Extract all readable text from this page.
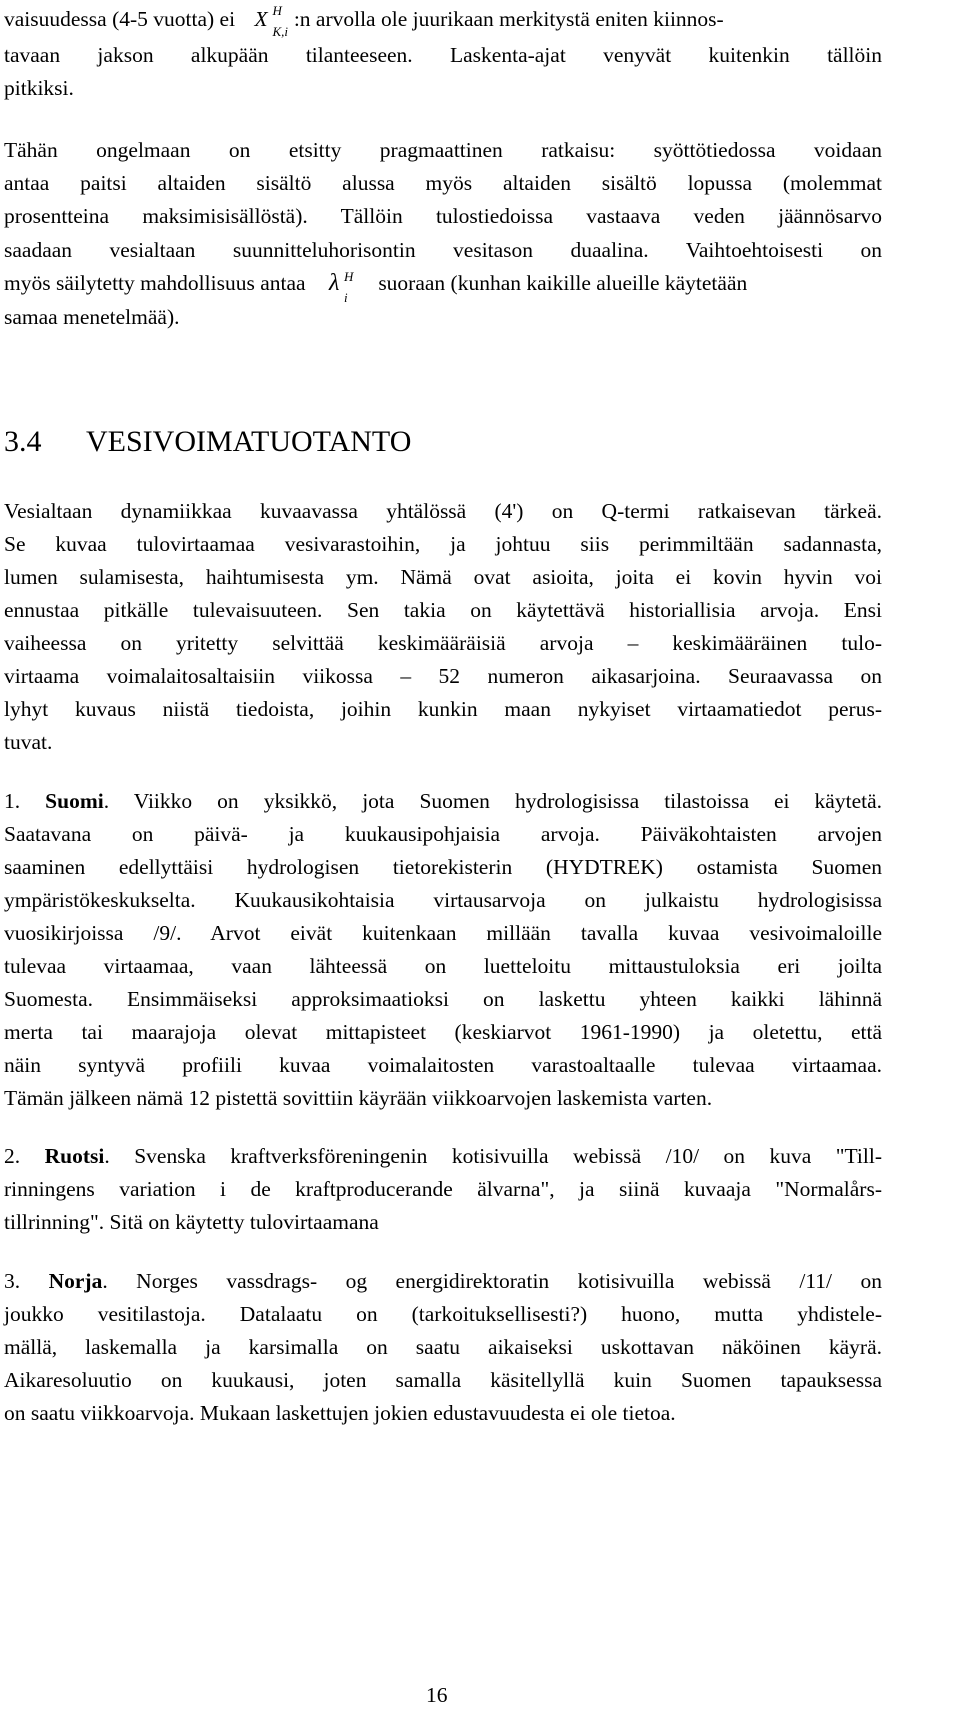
vaisuudessa (4-5 vuotta) ei X H
K,i
:n arvolla ole juurikaan merkitystä eniten kiinnos-
tavaan jakson alkupään tilanteeseen. Laskenta-ajat venyvät kuitenkin tällöin
pitkiksi.
Tähän ongelmaan on etsitty pragmaattinen ratkaisu: syöttötiedossa voidaan
antaa paitsi altaiden sisältö alussa myös altaiden sisältö lopussa (molemmat
prosentteina maksimisisällöstä). Tällöin tulostiedoissa vastaava veden jäännösarvo
saadaan vesialtaan suunnitteluhorisontin vesitason duaalina. Vaihtoehtoisesti on
myös säilytetty mahdollisuus antaa λ H
i
suoraan (kunhan kaikille alueille käytetään
samaa menetelmää).
3.4 VESIVOIMATUOTANTO
Vesialtaan dynamiikkaa kuvaavassa yhtälössä (4') on Q-termi ratkaisevan tärkeä.
Se kuvaa tulovirtaamaa vesivarastoihin, ja johtuu siis perimmiltään sadannasta,
lumen sulamisesta, haihtumisesta ym. Nämä ovat asioita, joita ei kovin hyvin voi
ennustaa pitkälle tulevaisuuteen. Sen takia on käytettävä historiallisia arvoja. Ensi
vaiheessa on yritetty selvittää keskimääräisiä arvoja – keskimääräinen tulo-
virtaama voimalaitosaltaisiin viikossa – 52 numeron aikasarjoina. Seuraavassa on
lyhyt kuvaus niistä tiedoista, joihin kunkin maan nykyiset virtaamatiedot perus-
tuvat.
1. Suomi. Viikko on yksikkö, jota Suomen hydrologisissa tilastoissa ei käytetä.
Saatavana on päivä- ja kuukausipohjaisia arvoja. Päiväkohtaisten arvojen
saaminen edellyttäisi hydrologisen tietorekisterin (HYDTREK) ostamista Suomen
ympäristökeskukselta. Kuukausikohtaisia virtausarvoja on julkaistu hydrologisissa
vuosikirjoissa /9/. Arvot eivät kuitenkaan millään tavalla kuvaa vesivoimaloille
tulevaa virtaamaa, vaan lähteessä on luetteloitu mittaustuloksia eri joilta
Suomesta. Ensimmäiseksi approksimaatioksi on laskettu yhteen kaikki lähinnä
merta tai maarajoja olevat mittapisteet (keskiarvot 1961-1990) ja oletettu, että
näin syntyvä profiili kuvaa voimalaitosten varastoaltaalle tulevaa virtaamaa.
Tämän jälkeen nämä 12 pistettä sovittiin käyrään viikkoarvojen laskemista varten.
2. Ruotsi. Svenska kraftverksföreningenin kotisivuilla webissä /10/ on kuva "Till-
rinningens variation i de kraftproducerande älvarna", ja siinä kuvaaja "Normalårs-
tillrinning". Sitä on käytetty tulovirtaamana
3. Norja. Norges vassdrags- og energidirektoratin kotisivuilla webissä /11/ on
joukko vesitilastoja. Datalaatu on (tarkoituksellisesti?) huono, mutta yhdistele-
mällä, laskemalla ja karsimalla on saatu aikaiseksi uskottavan näköinen käyrä.
Aikaresoluutio on kuukausi, joten samalla käsitellyllä kuin Suomen tapauksessa
on saatu viikkoarvoja. Mukaan laskettujen jokien edustavuudesta ei ole tietoa.
16
